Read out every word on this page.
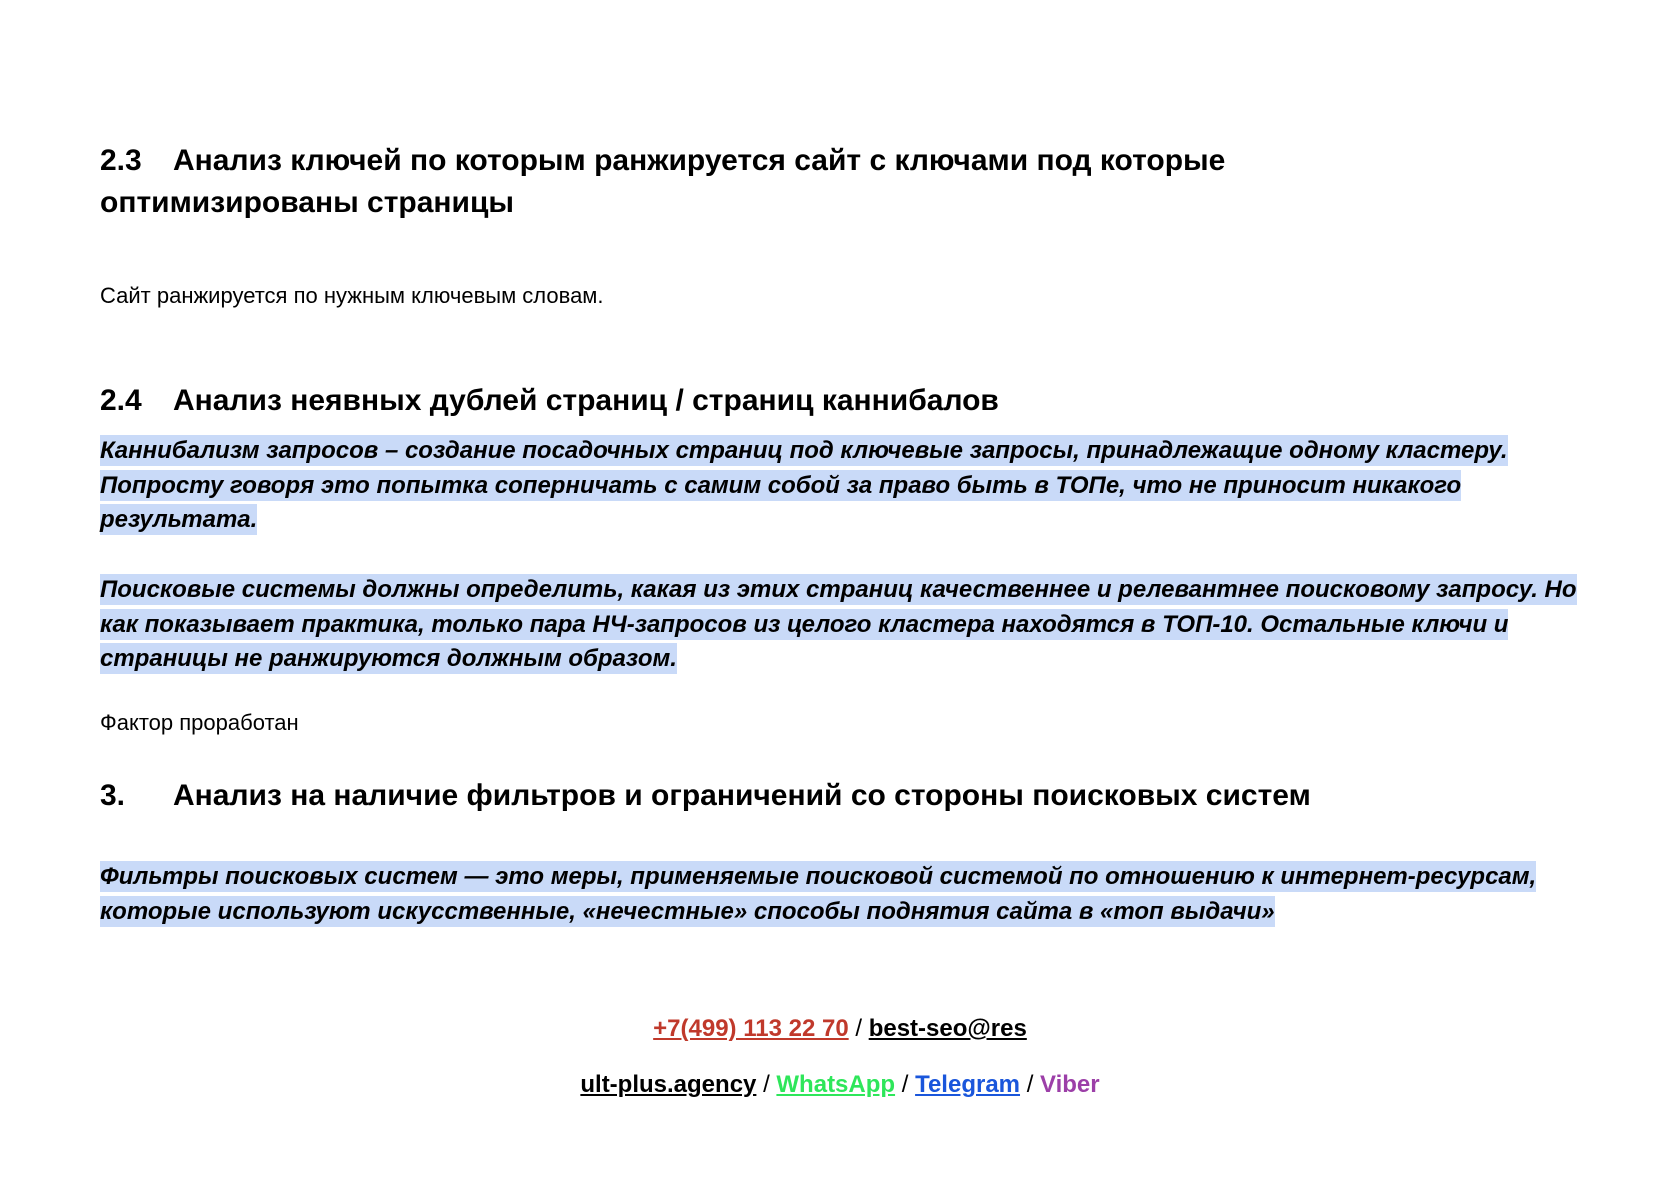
2.3 Анализ ключей по которым ранжируется сайт с ключами под которые
оптимизированы страницы

Сайт ранжируется по нужным ключевым словам.

2.4 Анализ неявных дублей страниц / страниц каннибалов

Каннибализм запросов – создание посадочных страниц под ключевые запросы, принадлежащие одному кластеру. Попросту говоря это попытка соперничать с самим собой за право быть в ТОПе, что не приносит никакого результата.

Поисковые системы должны определить, какая из этих страниц качественнее и релевантнее поисковому запросу. Но как показывает практика, только пара НЧ-запросов из целого кластера находятся в ТОП-10. Остальные ключи и страницы не ранжируются должным образом.

Фактор проработан

3. Анализ на наличие фильтров и ограничений со стороны поисковых систем

Фильтры поисковых систем — это меры, применяемые поисковой системой по отношению к интернет-ресурсам, которые используют искусственные, «нечестные» способы поднятия сайта в «топ выдачи»

+7(499) 113 22 70 / best-seo@res
ult-plus.agency / WhatsApp / Telegram / Viber
